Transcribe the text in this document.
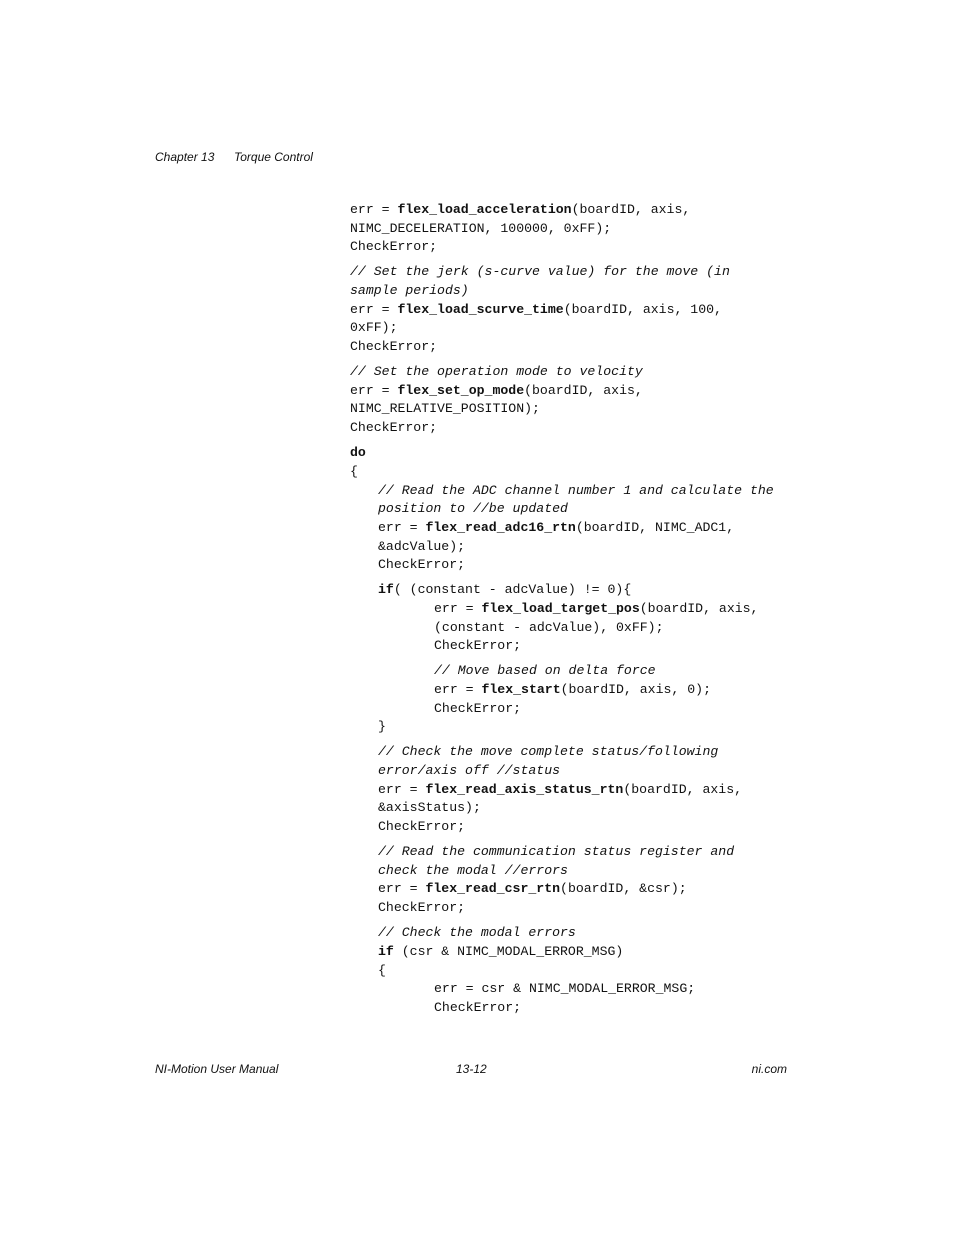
Chapter 13 Torque Control
err = flex_load_acceleration(boardID, axis,
NIMC_DECELERATION, 100000, 0xFF);
CheckError;
// Set the jerk (s-curve value) for the move (in
sample periods)
err = flex_load_scurve_time(boardID, axis, 100,
0xFF);
CheckError;
// Set the operation mode to velocity
err = flex_set_op_mode(boardID, axis,
NIMC_RELATIVE_POSITION);
CheckError;
do
{
// Read the ADC channel number 1 and calculate the
position to //be updated
err = flex_read_adc16_rtn(boardID, NIMC_ADC1,
&adcValue);
CheckError;
if( (constant - adcValue) != 0){
err = flex_load_target_pos(boardID, axis,
(constant - adcValue), 0xFF);
CheckError;
// Move based on delta force
err = flex_start(boardID, axis, 0);
CheckError;
}
// Check the move complete status/following
error/axis off //status
err = flex_read_axis_status_rtn(boardID, axis,
&axisStatus);
CheckError;
// Read the communication status register and
check the modal //errors
err = flex_read_csr_rtn(boardID, &csr);
CheckError;
// Check the modal errors
if (csr & NIMC_MODAL_ERROR_MSG)
{
err = csr & NIMC_MODAL_ERROR_MSG;
CheckError;
NI-Motion User Manual	13-12	ni.com
